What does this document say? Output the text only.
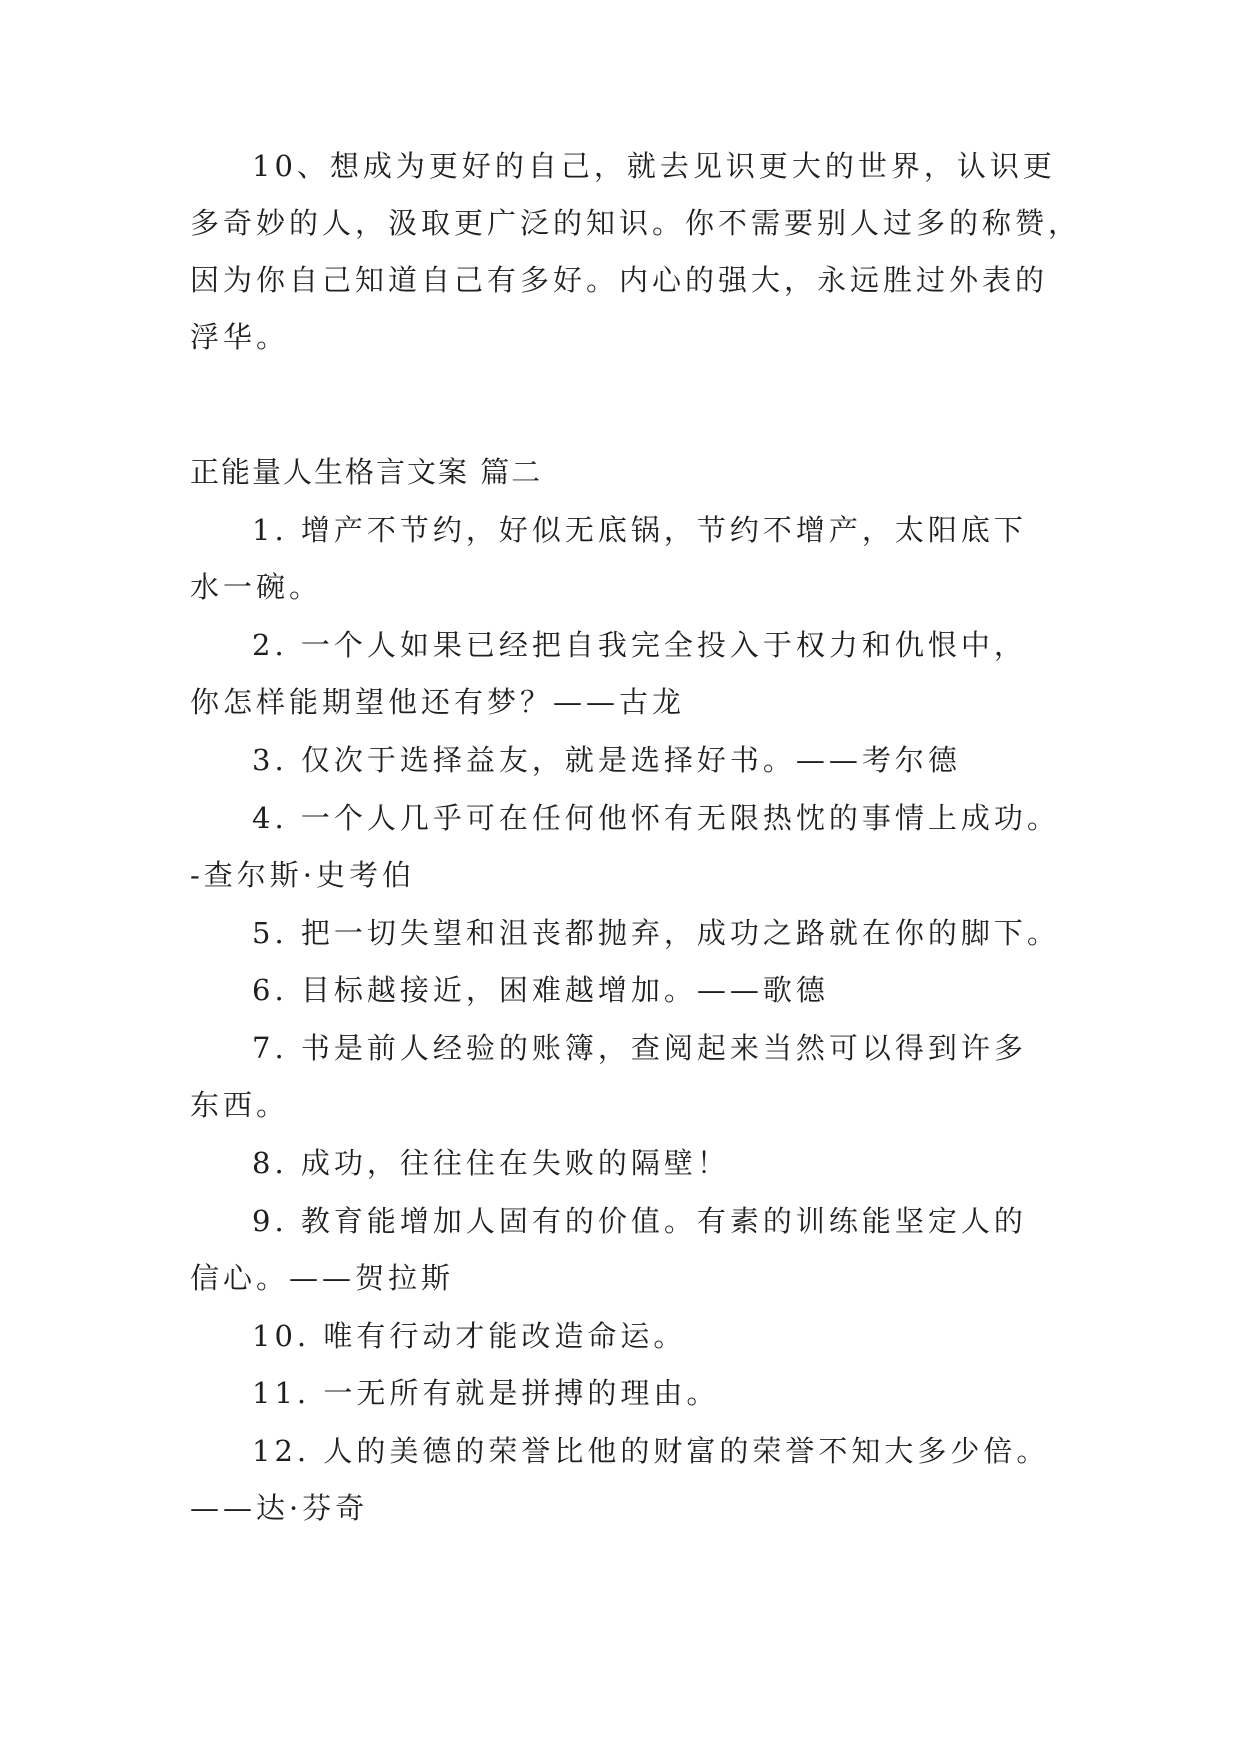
10、想成为更好的自己，就去见识更大的世界，认识更
多奇妙的人，汲取更广泛的知识。你不需要别人过多的称赞，
因为你自己知道自己有多好。内心的强大，永远胜过外表的
浮华。
正能量人生格言文案 篇二
1. 增产不节约，好似无底锅，节约不增产，太阳底下
水一碗。
2. 一个人如果已经把自我完全投入于权力和仇恨中，
你怎样能期望他还有梦？——古龙
3. 仅次于选择益友，就是选择好书。——考尔德
4. 一个人几乎可在任何他怀有无限热忱的事情上成功。
-查尔斯·史考伯
5. 把一切失望和沮丧都抛弃，成功之路就在你的脚下。
6. 目标越接近，困难越增加。——歌德
7. 书是前人经验的账簿，查阅起来当然可以得到许多
东西。
8. 成功，往往住在失败的隔壁！
9. 教育能增加人固有的价值。有素的训练能坚定人的
信心。——贺拉斯
10. 唯有行动才能改造命运。
11. 一无所有就是拼搏的理由。
12. 人的美德的荣誉比他的财富的荣誉不知大多少倍。
——达·芬奇
